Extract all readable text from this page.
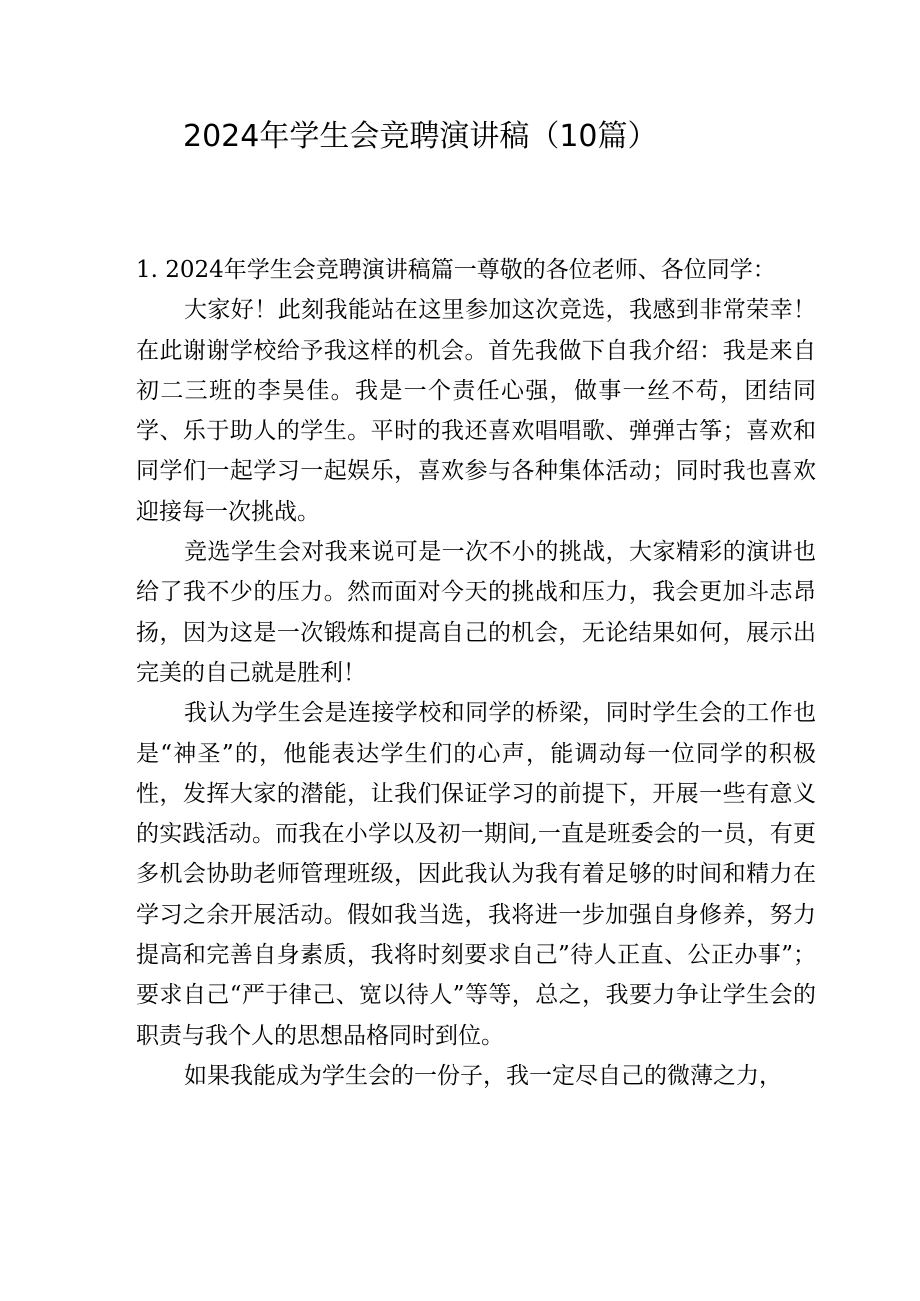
2024年学生会竞聘演讲稿（10篇）

1. 2024年学生会竞聘演讲稿篇一尊敬的各位老师、各位同学：

大家好！此刻我能站在这里参加这次竞选，我感到非常荣幸！在此谢谢学校给予我这样的机会。首先我做下自我介绍：我是来自初二三班的李昊佳。我是一个责任心强，做事一丝不苟，团结同学、乐于助人的学生。平时的我还喜欢唱唱歌、弹弹古筝；喜欢和同学们一起学习一起娱乐，喜欢参与各种集体活动；同时我也喜欢迎接每一次挑战。

竞选学生会对我来说可是一次不小的挑战，大家精彩的演讲也给了我不少的压力。然而面对今天的挑战和压力，我会更加斗志昂扬，因为这是一次锻炼和提高自己的机会，无论结果如何，展示出完美的自己就是胜利！

我认为学生会是连接学校和同学的桥梁，同时学生会的工作也是“神圣”的，他能表达学生们的心声，能调动每一位同学的积极性，发挥大家的潜能，让我们保证学习的前提下，开展一些有意义的实践活动。而我在小学以及初一期间,一直是班委会的一员，有更多机会协助老师管理班级，因此我认为我有着足够的时间和精力在学习之余开展活动。假如我当选，我将进一步加强自身修养，努力提高和完善自身素质，我将时刻要求自己”待人正直、公正办事”；要求自己“严于律己、宽以待人”等等，总之，我要力争让学生会的职责与我个人的思想品格同时到位。

如果我能成为学生会的一份子，我一定尽自己的微薄之力，
